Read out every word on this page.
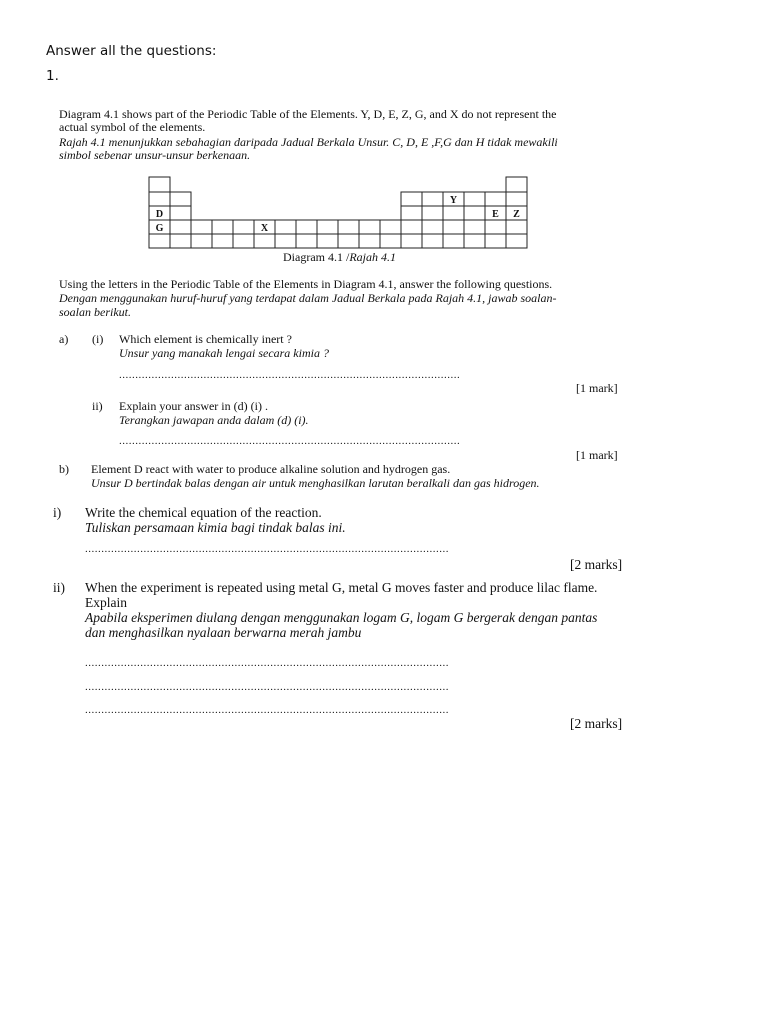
Answer all the questions:
1.
Diagram 4.1 shows part of the Periodic Table of the Elements. Y, D, E, Z, G, and X do not represent the
actual symbol of the elements.
Rajah 4.1 menunjukkan sebahagian daripada Jadual Berkala Unsur. C, D, E ,F,G dan H tidak mewakili
simbol sebenar unsur-unsur berkenaan.
Y
D	E Z
G	X
Diagram 4.1 /Rajah 4.1
Using the letters in the Periodic Table of the Elements in Diagram 4.1, answer the following questions.
Dengan menggunakan huruf-huruf yang terdapat dalam Jadual Berkala pada Rajah 4.1, jawab soalan-
soalan berikut.
a) (i) Which element is chemically inert ?
Unsur yang manakah lengai secara kimia ?
.........................................................................................................
[1 mark]
ii) Explain your answer in (d) (i) .
Terangkan jawapan anda dalam (d) (i).
.........................................................................................................
[1 mark]
b) Element D react with water to produce alkaline solution and hydrogen gas.
Unsur D bertindak balas dengan air untuk menghasilkan larutan beralkali dan gas hidrogen.
i) Write the chemical equation of the reaction.
Tuliskan persamaan kimia bagi tindak balas ini.
................................................................................................................
[2 marks]
ii) When the experiment is repeated using metal G, metal G moves faster and produce lilac flame.
Explain
Apabila eksperimen diulang dengan menggunakan logam G, logam G bergerak dengan pantas
dan menghasilkan nyalaan berwarna merah jambu
................................................................................................................
................................................................................................................
................................................................................................................
[2 marks]
